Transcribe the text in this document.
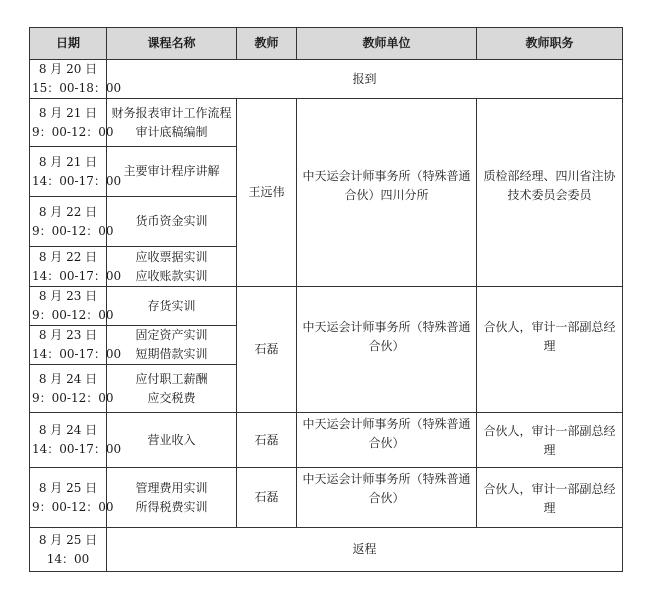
日期	课程名称	教师	教师单位	教师职务

8 月 20 日
15：00-18：00	报到			

8 月 21 日
9：00-12：00	财务报表审计工作流程
审计底稿编制	王远伟	中天运会计师事务所（特殊普通
合伙）四川分所	质检部经理、四川省注协
技术委员会委员

8 月 21 日
14：00-17：00	主要审计程序讲解			

8 月 22 日
9：00-12：00	货币资金实训			

8 月 22 日
14：00-17：00	应收票据实训
应收账款实训			

8 月 23 日
9：00-12：00	存货实训	石磊	中天运会计师事务所（特殊普通
合伙）	合伙人，审计一部副总经
理

8 月 23 日
14：00-17：00	固定资产实训
短期借款实训			

8 月 24 日
9：00-12：00	应付职工薪酬
应交税费			

8 月 24 日
14：00-17：00	营业收入	石磊	中天运会计师事务所（特殊普通
合伙）	合伙人，审计一部副总经
理

8 月 25 日
9：00-12：00	管理费用实训
所得税费实训	石磊	中天运会计师事务所（特殊普通
合伙）	合伙人，审计一部副总经
理

8 月 25 日
14：00	返程			
